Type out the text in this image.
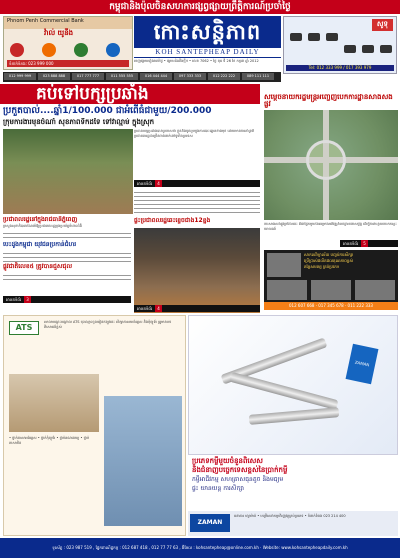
កម្ពុជានិងប៉ុលចិនសហការផ្សព្វផ្សាយព្រឹត្តិការណ៍ប្រចាំថ្ងៃ
Phnom Penh Commercial Bank
វ៉ាល់ យូនីង
ទំនាក់ទំនង: 023 999 000
កោះសន្តិភាព
KOH SANTEPHEAP DAILY
ចេញផ្សាយរៀងរាល់ថ្ងៃ • ផ្សាយដំណឹងថ្មីៗ • លេខ 7062 • ថ្ងៃ ពុធ ទី 26 ខែ កក្កដា ឆ្នាំ 2012
សូទុ
Tel: 012 333 999 / 017 393 979
012 999 999	023 888 888	017 777 777	011 555 555	016 444 444	097 333 333	012 222 222	089 111 111
គប់ទៅបក្សប្រឆាំង
ប្រកួតបាល់....ឆ្នាំ1/100.000 ជាអំពើធំជាមួយ/200.000
ក្រុមការងារមុនចំណាំ សុខភាពទីកដទៃ ទៅវាល្មាម់ ក្នុងស្រុក
ប្រធានបក្សប្រឆាំងបានប្រកាសថា ខ្លួននឹងចូលរួមក្នុងការបោះឆ្នោតខាងមុខ ដោយមានការគាំទ្រពីប្រជាពលរដ្ឋជាច្រើនពាន់នាក់នៅទូទាំងប្រទេស
អានតទំព័រ 4
ផ្ទះប្រជាពលរដ្ឋឆេះខ្ទេចជាង12ខ្នង
សម្ដេចនាយករដ្ឋមន្ត្រីអញ្ជើញបើកការដ្ឋានសាងសង់ផ្លូវ
ការសាងសង់ផ្លូវក្រវែលនេះ គឺជាផ្នែកមួយនៃគម្រោងអភិវឌ្ឍន៍ហេដ្ឋារចនាសម្ព័ន្ធ ដើម្បីកាត់បន្ថយការកកស្ទះចរាចរណ៍
អានតទំព័រ 5
សាកលវិទ្យាល័យ បញ្ចប់ការសិក្សា
ប្រើប្រាស់ផលិតផលគុណភាពខ្ពស់
តម្លៃសមរម្យ គ្រប់ប្រភេទ
012 607 668 · 017 345 678 · 011 222 333
ប្រជាពលរដ្ឋនៅក្នុងរាជធានីភ្នំពេញ
ក្រសួងសុខាភិបាលណែនាំឱ្យប្រជាពលរដ្ឋប្រុងប្រយ័ត្នចំពោះជំងឺ
បេះដូងកម្ពុជា យុវជនប្រកាន់ជំហរ
ផ្លូវជាតិលេខ៥ ត្រូវបានជួសជុល
អានតទំព័រ 3
អានតទំព័រ 4
ATS
សាលាបណ្តុះបណ្តាល ATS ចុះឈ្មោះចូលរៀនឥឡូវនេះ សិក្សាភាសាអង់គ្លេស និងកុំព្យូទ័រ គ្រូមានបទពិសោធន៍ខ្ពស់
• ថ្នាក់ភាសាអង់គ្លេស • ថ្នាក់កុំព្យូទ័រ • ថ្នាក់គណនេយ្យ • ថ្នាក់ភាសាចិន
ZAMAN
ប្រភេទកម្ចីមួយចំនួនពិសេស
និងជំនាញបច្ចេកទេសខ្ពស់នៃប្រាក់កម្ចី
កម្ចីអាជីវកម្ម សហគ្រាសធុនតូច និងមធ្យម
ផ្ទះ យានយន្ត ការសិក្សា
ZAMAN
ធនាគារ ហ្សាម៉ាន់ • បម្រើសេវាកម្មហិរញ្ញវត្ថុគ្រប់ប្រភេទ • ទំនាក់ទំនង 023 214 400
ទូរស័ព្ទ : 023 987 519 , ផ្នែកពាណិជ្ជកម្ម : 012 687 418 , 012 77 77 63 , អ៊ីមែល : kohsantepheap@online.com.kh · Website: www.kohsantepheapdaily.com.kh
